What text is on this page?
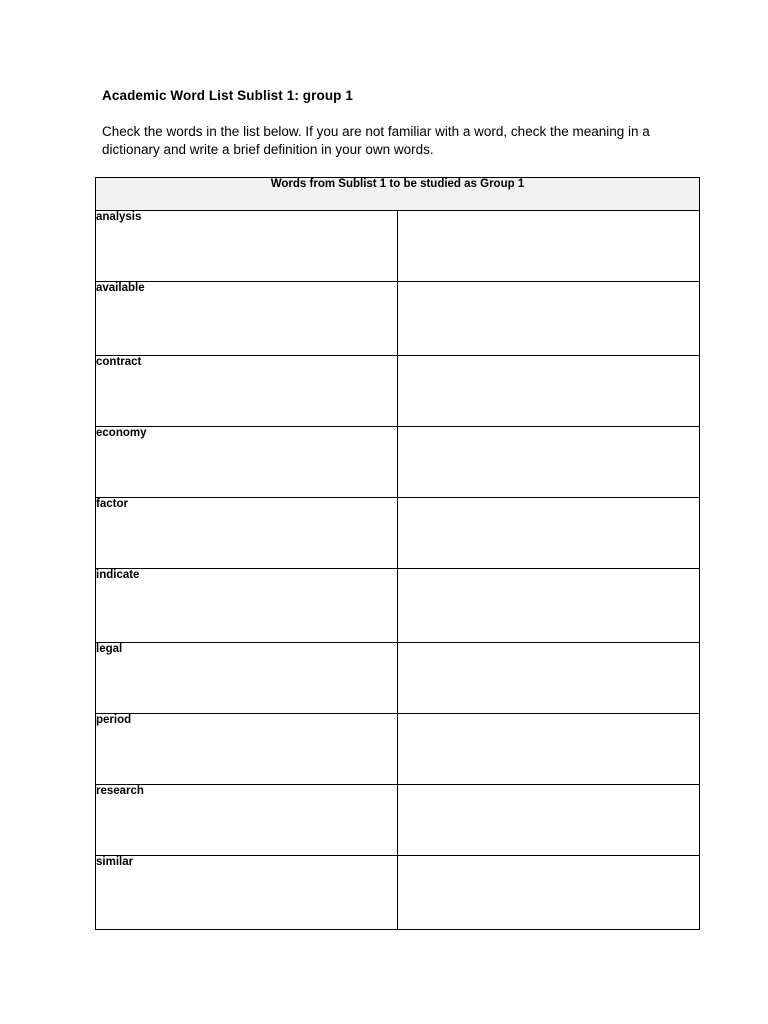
Academic Word List Sublist 1: group 1
Check the words in the list below. If you are not familiar with a word, check the meaning in a dictionary and write a brief definition in your own words.
Words from Sublist 1 to be studied as Group 1	
analysis	
available	
contract	
economy	
factor	
indicate	
legal	
period	
research	
similar	
